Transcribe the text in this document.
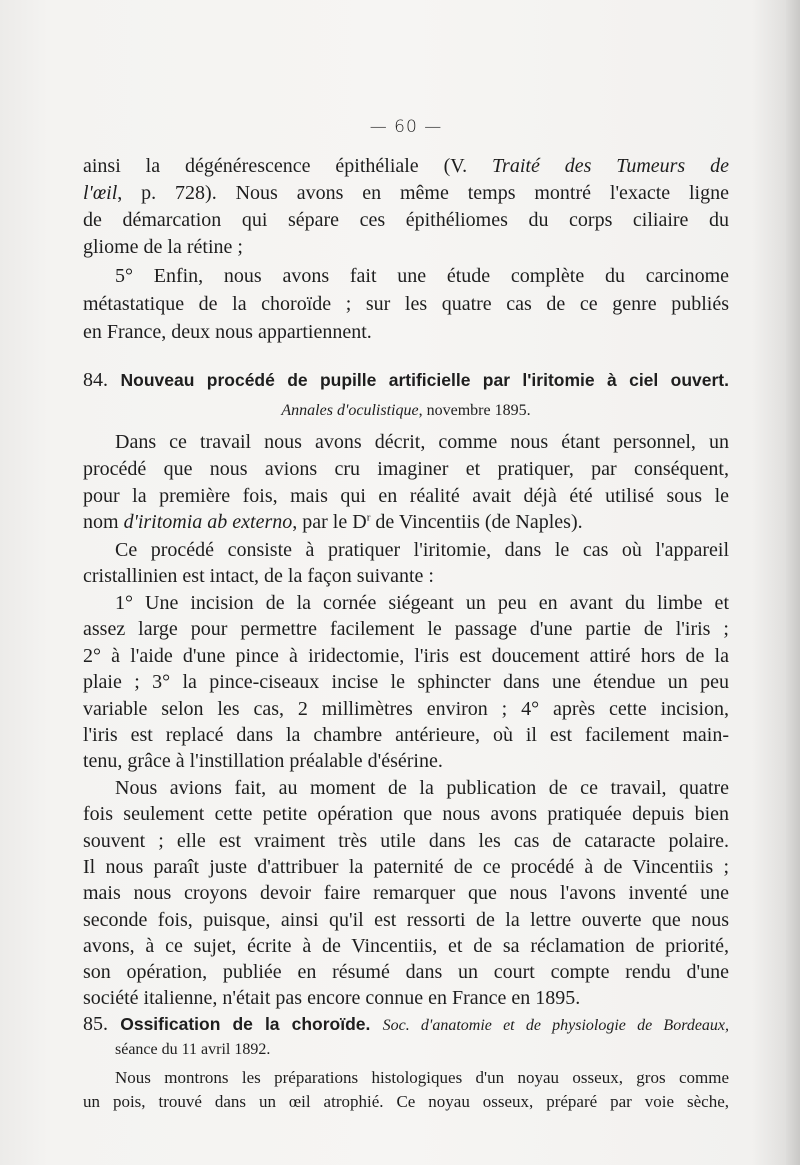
— 60 —
ainsi la dégénérescence épithéliale (V. Traité des Tumeurs de
l'œil, p. 728). Nous avons en même temps montré l'exacte ligne
de démarcation qui sépare ces épithéliomes du corps ciliaire du
gliome de la rétine ;
5° Enfin, nous avons fait une étude complète du carcinome
métastatique de la choroïde ; sur les quatre cas de ce genre publiés
en France, deux nous appartiennent.
84. Nouveau procédé de pupille artificielle par l'iritomie à ciel ouvert.
Annales d'oculistique, novembre 1895.
Dans ce travail nous avons décrit, comme nous étant personnel, un
procédé que nous avions cru imaginer et pratiquer, par conséquent,
pour la première fois, mais qui en réalité avait déjà été utilisé sous le
nom d'iritomia ab externo, par le $D^r$ de Vincentiis (de Naples).
Ce procédé consiste à pratiquer l'iritomie, dans le cas où l'appareil
cristallinien est intact, de la façon suivante :
1° Une incision de la cornée siégeant un peu en avant du limbe et
assez large pour permettre facilement le passage d'une partie de l'iris ;
2° à l'aide d'une pince à iridectomie, l'iris est doucement attiré hors de la
plaie ; 3° la pince-ciseaux incise le sphincter dans une étendue un peu
variable selon les cas, 2 millimètres environ ; 4° après cette incision,
l'iris est replacé dans la chambre antérieure, où il est facilement main-
tenu, grâce à l'instillation préalable d'ésérine.
Nous avions fait, au moment de la publication de ce travail, quatre
fois seulement cette petite opération que nous avons pratiquée depuis bien
souvent ; elle est vraiment très utile dans les cas de cataracte polaire.
Il nous paraît juste d'attribuer la paternité de ce procédé à de Vincentiis ;
mais nous croyons devoir faire remarquer que nous l'avons inventé une
seconde fois, puisque, ainsi qu'il est ressorti de la lettre ouverte que nous
avons, à ce sujet, écrite à de Vincentiis, et de sa réclamation de priorité,
son opération, publiée en résumé dans un court compte rendu d'une
société italienne, n'était pas encore connue en France en 1895.
85. Ossification de la choroïde. Soc. d'anatomie et de physiologie de Bordeaux,
séance du 11 avril 1892.
Nous montrons les préparations histologiques d'un noyau osseux, gros comme
un pois, trouvé dans un œil atrophié. Ce noyau osseux, préparé par voie sèche,
